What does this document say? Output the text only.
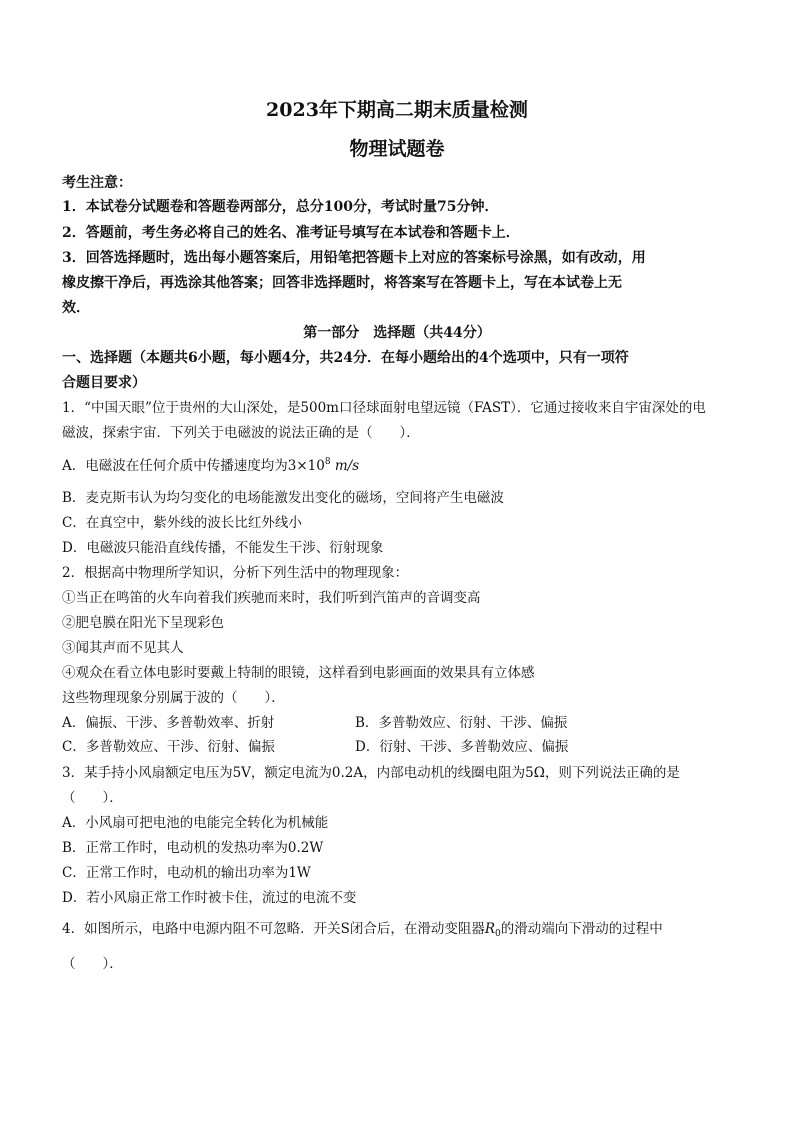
2023年下期高二期末质量检测
物理试题卷
考生注意：
1．本试卷分试题卷和答题卷两部分，总分100分，考试时量75分钟．
2．答题前，考生务必将自己的姓名、准考证号填写在本试卷和答题卡上．
3．回答选择题时，选出每小题答案后，用铅笔把答题卡上对应的答案标号涂黑，如有改动，用
橡皮擦干净后，再选涂其他答案；回答非选择题时，将答案写在答题卡上，写在本试卷上无
效．
第一部分　选择题（共44分）
一、选择题（本题共6小题，每小题4分，共24分．在每小题给出的4个选项中，只有一项符
合题目要求）
1．“中国天眼”位于贵州的大山深处，是500m口径球面射电望远镜（FAST）．它通过接收来自宇宙深处的电
磁波，探索宇宙．下列关于电磁波的说法正确的是（　　）．
A．电磁波在任何介质中传播速度均为$3\times 10^8$ m/s
B．麦克斯韦认为均匀变化的电场能激发出变化的磁场，空间将产生电磁波
C．在真空中，紫外线的波长比红外线小
D．电磁波只能沿直线传播，不能发生干涉、衍射现象
2．根据高中物理所学知识，分析下列生活中的物理现象：
①当正在鸣笛的火车向着我们疾驰而来时，我们听到汽笛声的音调变高
②肥皂膜在阳光下呈现彩色
③闻其声而不见其人
④观众在看立体电影时要戴上特制的眼镜，这样看到电影画面的效果具有立体感
这些物理现象分别属于波的（　　）．
A．偏振、干涉、多普勒效率、折射	B．多普勒效应、衍射、干涉、偏振
C．多普勒效应、干涉、衍射、偏振	D．衍射、干涉、多普勒效应、偏振
3．某手持小风扇额定电压为5V，额定电流为0.2A，内部电动机的线圈电阻为5Ω，则下列说法正确的是
（　　）．
A．小风扇可把电池的电能完全转化为机械能
B．正常工作时，电动机的发热功率为0.2W
C．正常工作时，电动机的输出功率为1W
D．若小风扇正常工作时被卡住，流过的电流不变
4．如图所示，电路中电源内阻不可忽略．开关S闭合后，在滑动变阻器$R_0$的滑动端向下滑动的过程中
（　　）．
